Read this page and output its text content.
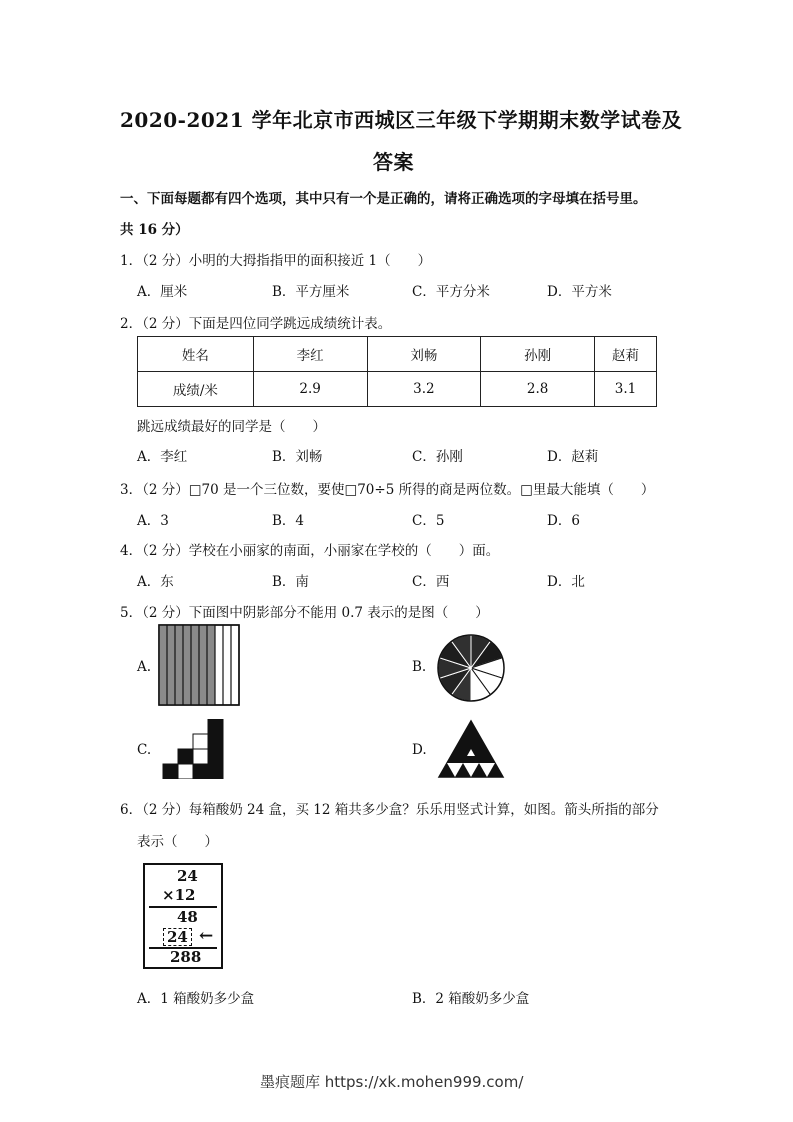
2020-2021 学年北京市西城区三年级下学期期末数学试卷及
答案
一、下面每题都有四个选项，其中只有一个是正确的，请将正确选项的字母填在括号里。
共 16 分）
1．（2 分）小明的大拇指指甲的面积接近 1（　　）
A．厘米	B．平方厘米	C．平方分米	D．平方米
2．（2 分）下面是四位同学跳远成绩统计表。
姓名	李红	刘畅	孙刚	赵莉
成绩/米	2.9	3.2	2.8	3.1
跳远成绩最好的同学是（　　）
A．李红	B．刘畅	C．孙刚	D．赵莉
3．（2 分）□70 是一个三位数，要使□70÷5 所得的商是两位数。□里最大能填（　　）
A．3	B．4	C．5	D．6
4．（2 分）学校在小丽家的南面，小丽家在学校的（　　）面。
A．东	B．南	C．西	D．北
5．（2 分）下面图中阴影部分不能用 0.7 表示的是图（　　）
A.	B.
C.	D.
6．（2 分）每箱酸奶 24 盒，买 12 箱共多少盒？乐乐用竖式计算，如图。箭头所指的部分
表示（　　）
24
×12
48
24 ←
288
A．1 箱酸奶多少盒	B．2 箱酸奶多少盒
墨痕题库 https://xk.mohen999.com/
